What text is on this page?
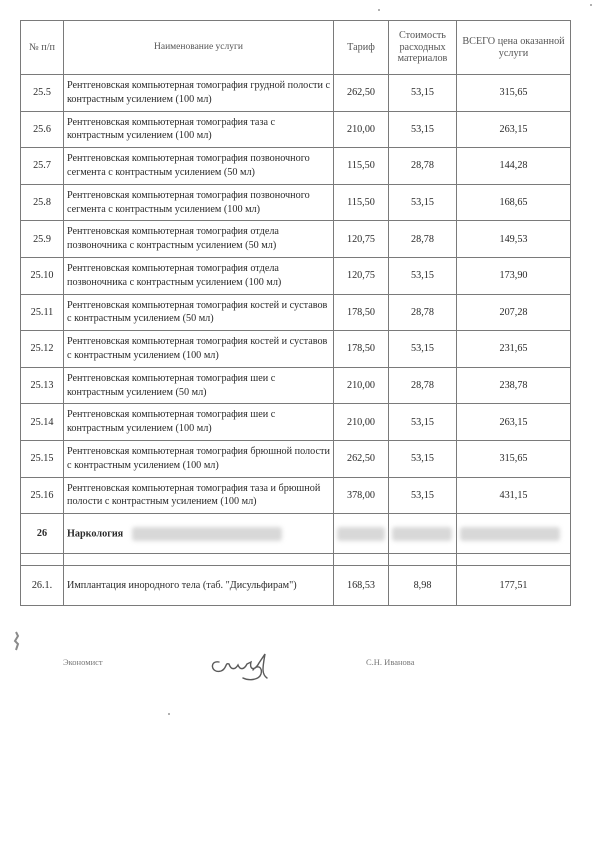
№ п/п	Наименование услуги	Тариф	Стоимость расходных материалов	ВСЕГО цена оказанной услуги
25.5	Рентгеновская компьютерная томография грудной полости с контрастным усилением (100 мл)	262,50	53,15	315,65
25.6	Рентгеновская компьютерная томография таза с контрастным усилением (100 мл)	210,00	53,15	263,15
25.7	Рентгеновская компьютерная томография позвоночного сегмента с контрастным усилением (50 мл)	115,50	28,78	144,28
25.8	Рентгеновская компьютерная томография позвоночного сегмента с контрастным усилением (100 мл)	115,50	53,15	168,65
25.9	Рентгеновская компьютерная томография отдела позвоночника с контрастным усилением (50 мл)	120,75	28,78	149,53
25.10	Рентгеновская компьютерная томография отдела позвоночника с контрастным усилением (100 мл)	120,75	53,15	173,90
25.11	Рентгеновская компьютерная томография костей и суставов с контрастным усилением (50 мл)	178,50	28,78	207,28
25.12	Рентгеновская компьютерная томография костей и суставов с контрастным усилением (100 мл)	178,50	53,15	231,65
25.13	Рентгеновская компьютерная томография шеи с контрастным усилением (50 мл)	210,00	28,78	238,78
25.14	Рентгеновская компьютерная томография шеи с контрастным усилением (100 мл)	210,00	53,15	263,15
25.15	Рентгеновская компьютерная томография брюшной полости с контрастным усилением (100 мл)	262,50	53,15	315,65
25.16	Рентгеновская компьютерная томография таза и брюшной полости с контрастным усилением (100 мл)	378,00	53,15	431,15
26	Наркология			

26.1.	Имплантация инородного тела (таб. "Дисульфирам")	168,53	8,98	177,51
Экономист	С.Н. Иванова
